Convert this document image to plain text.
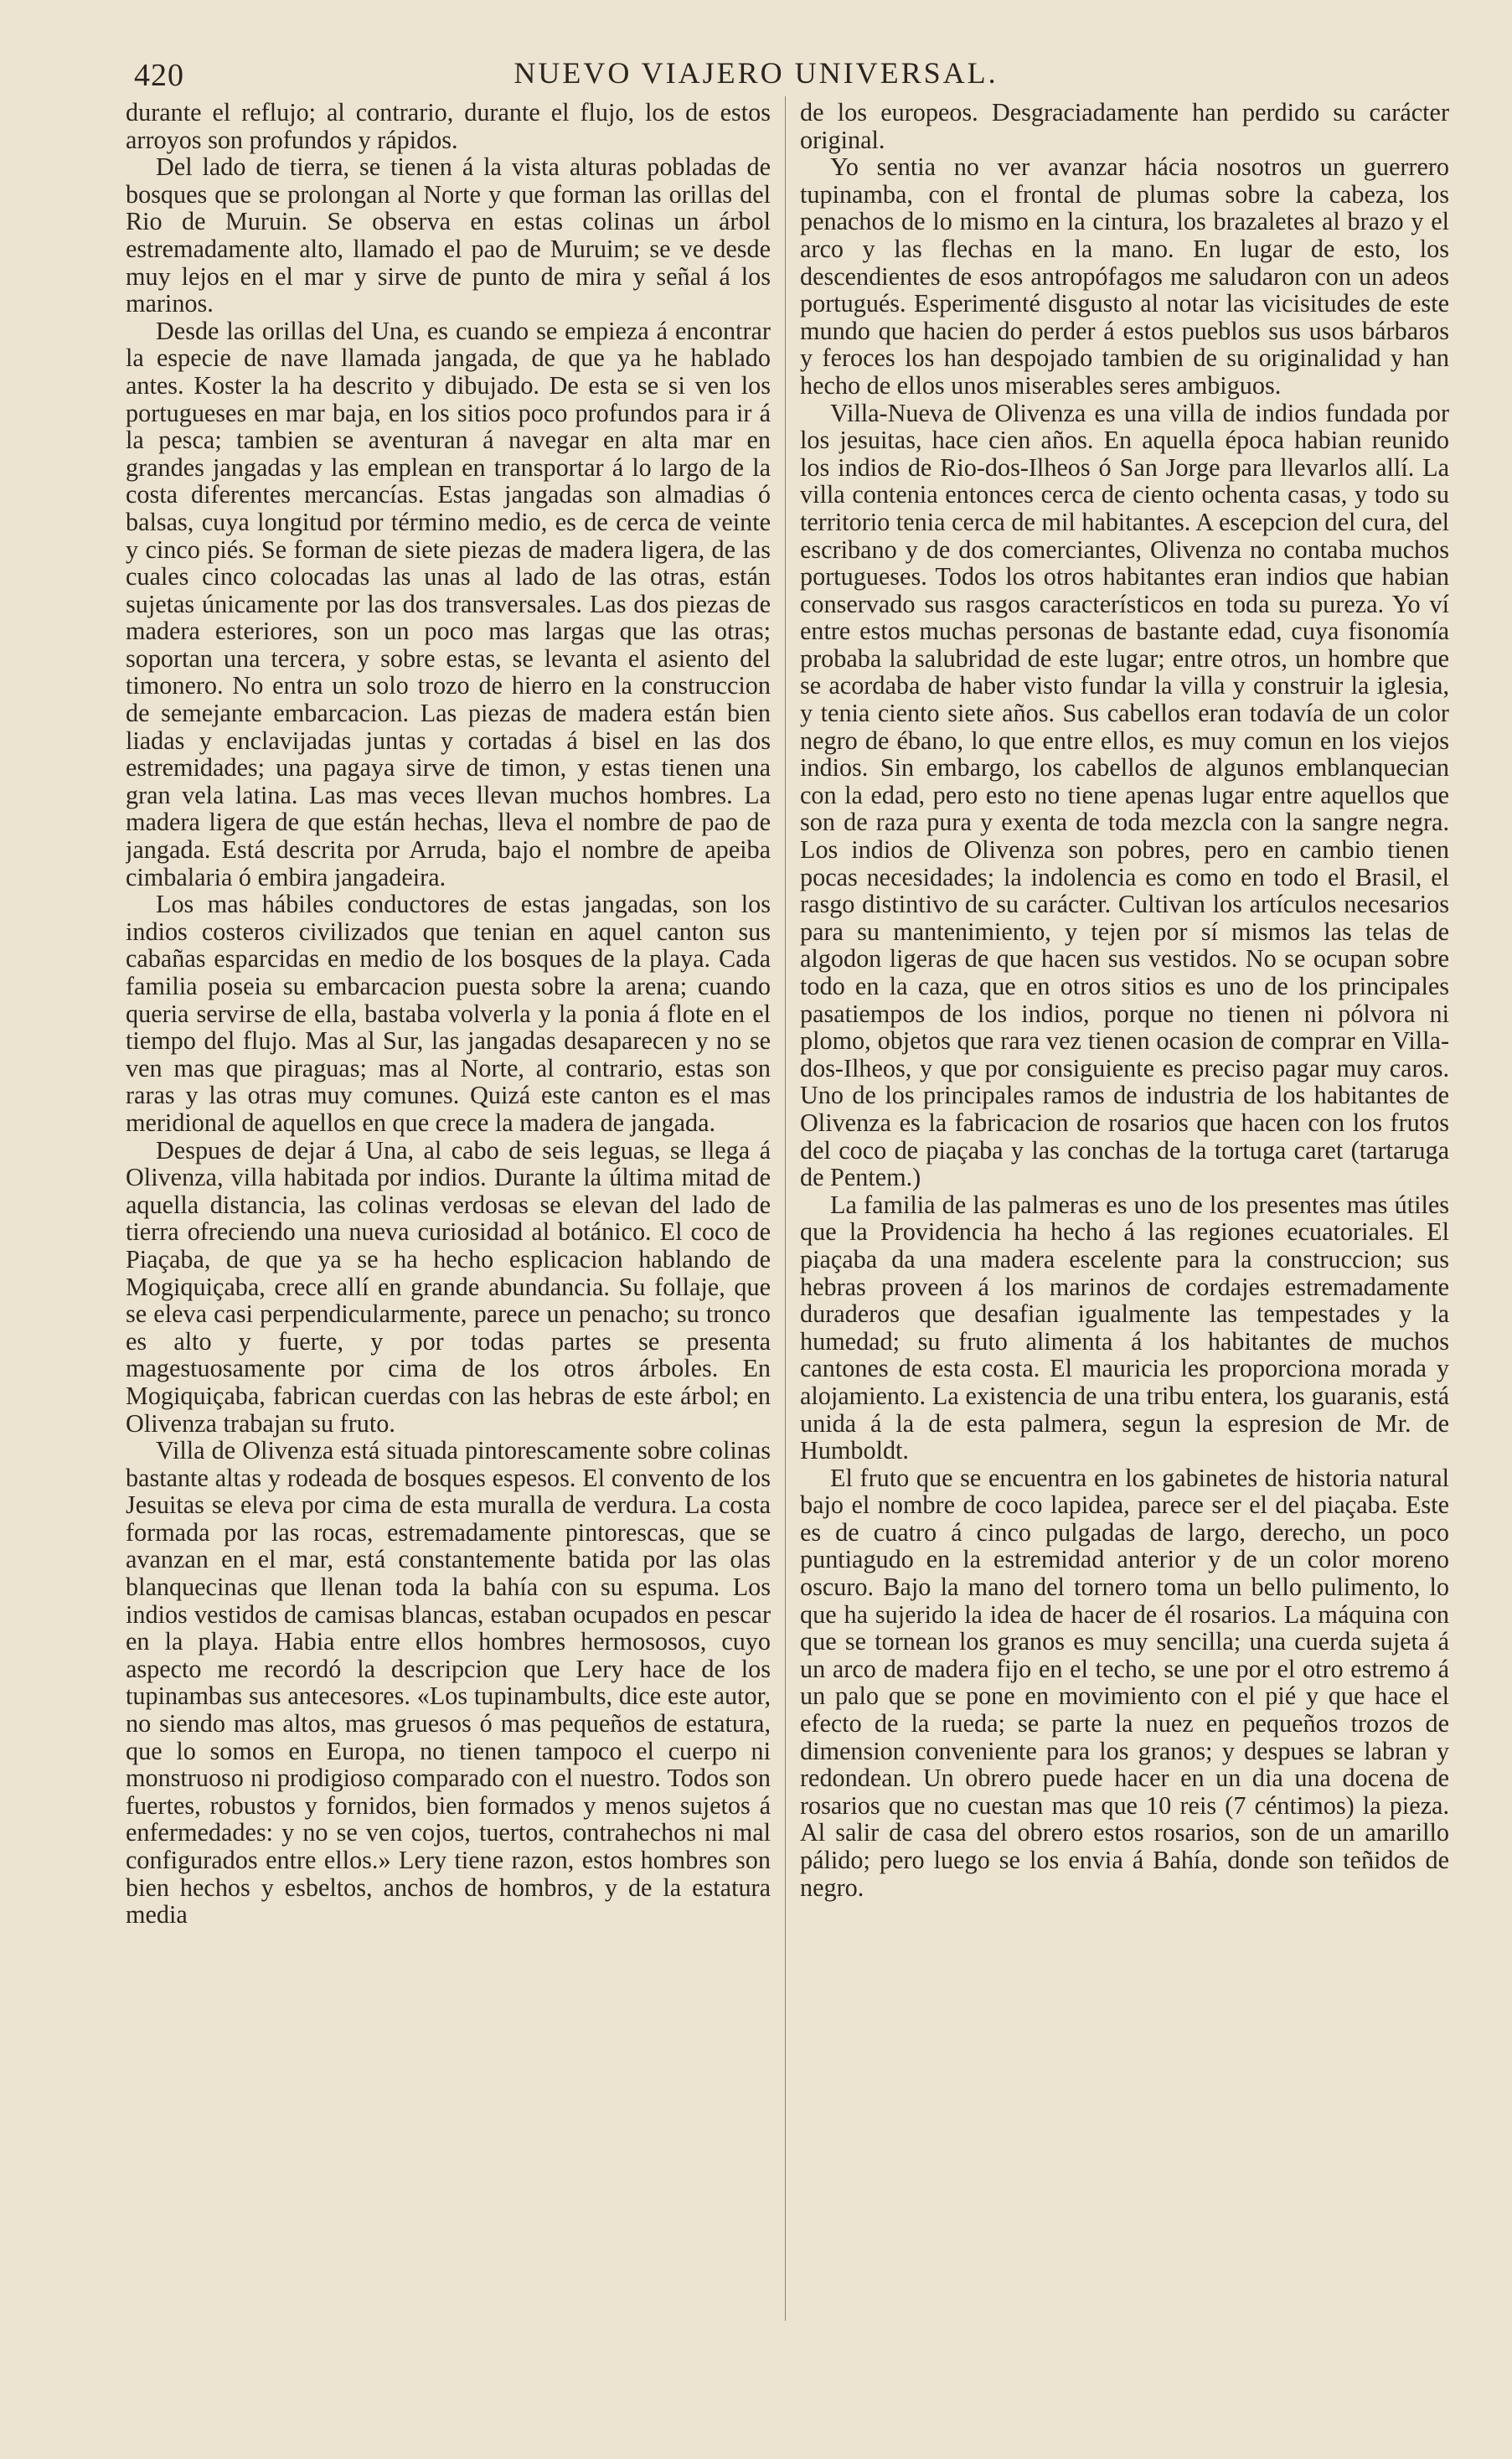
420	NUEVO VIAJERO UNIVERSAL.

durante el reflujo; al contrario, durante el flujo, los de estos arroyos son profundos y rápidos.

Del lado de tierra, se tienen á la vista alturas pobladas de bosques que se prolongan al Norte y que forman las orillas del Rio de Muruin. Se observa en estas colinas un árbol estremadamente alto, llamado el pao de Muruim; se ve desde muy lejos en el mar y sirve de punto de mira y señal á los marinos.

Desde las orillas del Una, es cuando se empieza á encontrar la especie de nave llamada jangada, de que ya he hablado antes. Koster la ha descrito y dibujado. De esta se si ven los portugueses en mar baja, en los sitios poco profundos para ir á la pesca; tambien se aventuran á navegar en alta mar en grandes jangadas y las emplean en transportar á lo largo de la costa diferentes mercancías. Estas jangadas son almadias ó balsas, cuya longitud por término medio, es de cerca de veinte y cinco piés. Se forman de siete piezas de madera ligera, de las cuales cinco colocadas las unas al lado de las otras, están sujetas únicamente por las dos transversales. Las dos piezas de madera esteriores, son un poco mas largas que las otras; soportan una tercera, y sobre estas, se levanta el asiento del timonero. No entra un solo trozo de hierro en la construccion de semejante embarcacion. Las piezas de madera están bien liadas y enclavijadas juntas y cortadas á bisel en las dos estremidades; una pagaya sirve de timon, y estas tienen una gran vela latina. Las mas veces llevan muchos hombres. La madera ligera de que están hechas, lleva el nombre de pao de jangada. Está descrita por Arruda, bajo el nombre de apeiba cimbalaria ó embira jangadeira.

Los mas hábiles conductores de estas jangadas, son los indios costeros civilizados que tenian en aquel canton sus cabañas esparcidas en medio de los bosques de la playa. Cada familia poseia su embarcacion puesta sobre la arena; cuando queria servirse de ella, bastaba volverla y la ponia á flote en el tiempo del flujo. Mas al Sur, las jangadas desaparecen y no se ven mas que piraguas; mas al Norte, al contrario, estas son raras y las otras muy comunes. Quizá este canton es el mas meridional de aquellos en que crece la madera de jangada.

Despues de dejar á Una, al cabo de seis leguas, se llega á Olivenza, villa habitada por indios. Durante la última mitad de aquella distancia, las colinas verdosas se elevan del lado de tierra ofreciendo una nueva curiosidad al botánico. El coco de Piaçaba, de que ya se ha hecho esplicacion hablando de Mogiquiçaba, crece allí en grande abundancia. Su follaje, que se eleva casi perpendicularmente, parece un penacho; su tronco es alto y fuerte, y por todas partes se presenta magestuosamente por cima de los otros árboles. En Mogiquiçaba, fabrican cuerdas con las hebras de este árbol; en Olivenza trabajan su fruto.

Villa de Olivenza está situada pintorescamente sobre colinas bastante altas y rodeada de bosques espesos. El convento de los Jesuitas se eleva por cima de esta muralla de verdura. La costa formada por las rocas, estremadamente pintorescas, que se avanzan en el mar, está constantemente batida por las olas blanquecinas que llenan toda la bahía con su espuma. Los indios vestidos de camisas blancas, estaban ocupados en pescar en la playa. Habia entre ellos hombres hermososos, cuyo aspecto me recordó la descripcion que Lery hace de los tupinambas sus antecesores. «Los tupinambults, dice este autor, no siendo mas altos, mas gruesos ó mas pequeños de estatura, que lo somos en Europa, no tienen tampoco el cuerpo ni monstruoso ni prodigioso comparado con el nuestro. Todos son fuertes, robustos y fornidos, bien formados y menos sujetos á enfermedades: y no se ven cojos, tuertos, contrahechos ni mal configurados entre ellos.» Lery tiene razon, estos hombres son bien hechos y esbeltos, anchos de hombros, y de la estatura media

de los europeos. Desgraciadamente han perdido su carácter original.

Yo sentia no ver avanzar hácia nosotros un guerrero tupinamba, con el frontal de plumas sobre la cabeza, los penachos de lo mismo en la cintura, los brazaletes al brazo y el arco y las flechas en la mano. En lugar de esto, los descendientes de esos antropófagos me saludaron con un adeos portugués. Esperimenté disgusto al notar las vicisitudes de este mundo que hacien do perder á estos pueblos sus usos bárbaros y feroces los han despojado tambien de su originalidad y han hecho de ellos unos miserables seres ambiguos.

Villa-Nueva de Olivenza es una villa de indios fundada por los jesuitas, hace cien años. En aquella época habian reunido los indios de Rio-dos-Ilheos ó San Jorge para llevarlos allí. La villa contenia entonces cerca de ciento ochenta casas, y todo su territorio tenia cerca de mil habitantes. A escepcion del cura, del escribano y de dos comerciantes, Olivenza no contaba muchos portugueses. Todos los otros habitantes eran indios que habian conservado sus rasgos característicos en toda su pureza. Yo ví entre estos muchas personas de bastante edad, cuya fisonomía probaba la salubridad de este lugar; entre otros, un hombre que se acordaba de haber visto fundar la villa y construir la iglesia, y tenia ciento siete años. Sus cabellos eran todavía de un color negro de ébano, lo que entre ellos, es muy comun en los viejos indios. Sin embargo, los cabellos de algunos emblanquecian con la edad, pero esto no tiene apenas lugar entre aquellos que son de raza pura y exenta de toda mezcla con la sangre negra. Los indios de Olivenza son pobres, pero en cambio tienen pocas necesidades; la indolencia es como en todo el Brasil, el rasgo distintivo de su carácter. Cultivan los artículos necesarios para su mantenimiento, y tejen por sí mismos las telas de algodon ligeras de que hacen sus vestidos. No se ocupan sobre todo en la caza, que en otros sitios es uno de los principales pasatiempos de los indios, porque no tienen ni pólvora ni plomo, objetos que rara vez tienen ocasion de comprar en Villa-dos-Ilheos, y que por consiguiente es preciso pagar muy caros. Uno de los principales ramos de industria de los habitantes de Olivenza es la fabricacion de rosarios que hacen con los frutos del coco de piaçaba y las conchas de la tortuga caret (tartaruga de Pentem.)

La familia de las palmeras es uno de los presentes mas útiles que la Providencia ha hecho á las regiones ecuatoriales. El piaçaba da una madera escelente para la construccion; sus hebras proveen á los marinos de cordajes estremadamente duraderos que desafian igualmente las tempestades y la humedad; su fruto alimenta á los habitantes de muchos cantones de esta costa. El mauricia les proporciona morada y alojamiento. La existencia de una tribu entera, los guaranis, está unida á la de esta palmera, segun la espresion de Mr. de Humboldt.

El fruto que se encuentra en los gabinetes de historia natural bajo el nombre de coco lapidea, parece ser el del piaçaba. Este es de cuatro á cinco pulgadas de largo, derecho, un poco puntiagudo en la estremidad anterior y de un color moreno oscuro. Bajo la mano del tornero toma un bello pulimento, lo que ha sujerido la idea de hacer de él rosarios. La máquina con que se tornean los granos es muy sencilla; una cuerda sujeta á un arco de madera fijo en el techo, se une por el otro estremo á un palo que se pone en movimiento con el pié y que hace el efecto de la rueda; se parte la nuez en pequeños trozos de dimension conveniente para los granos; y despues se labran y redondean. Un obrero puede hacer en un dia una docena de rosarios que no cuestan mas que 10 reis (7 céntimos) la pieza. Al salir de casa del obrero estos rosarios, son de un amarillo pálido; pero luego se los envia á Bahía, donde son teñidos de negro.
